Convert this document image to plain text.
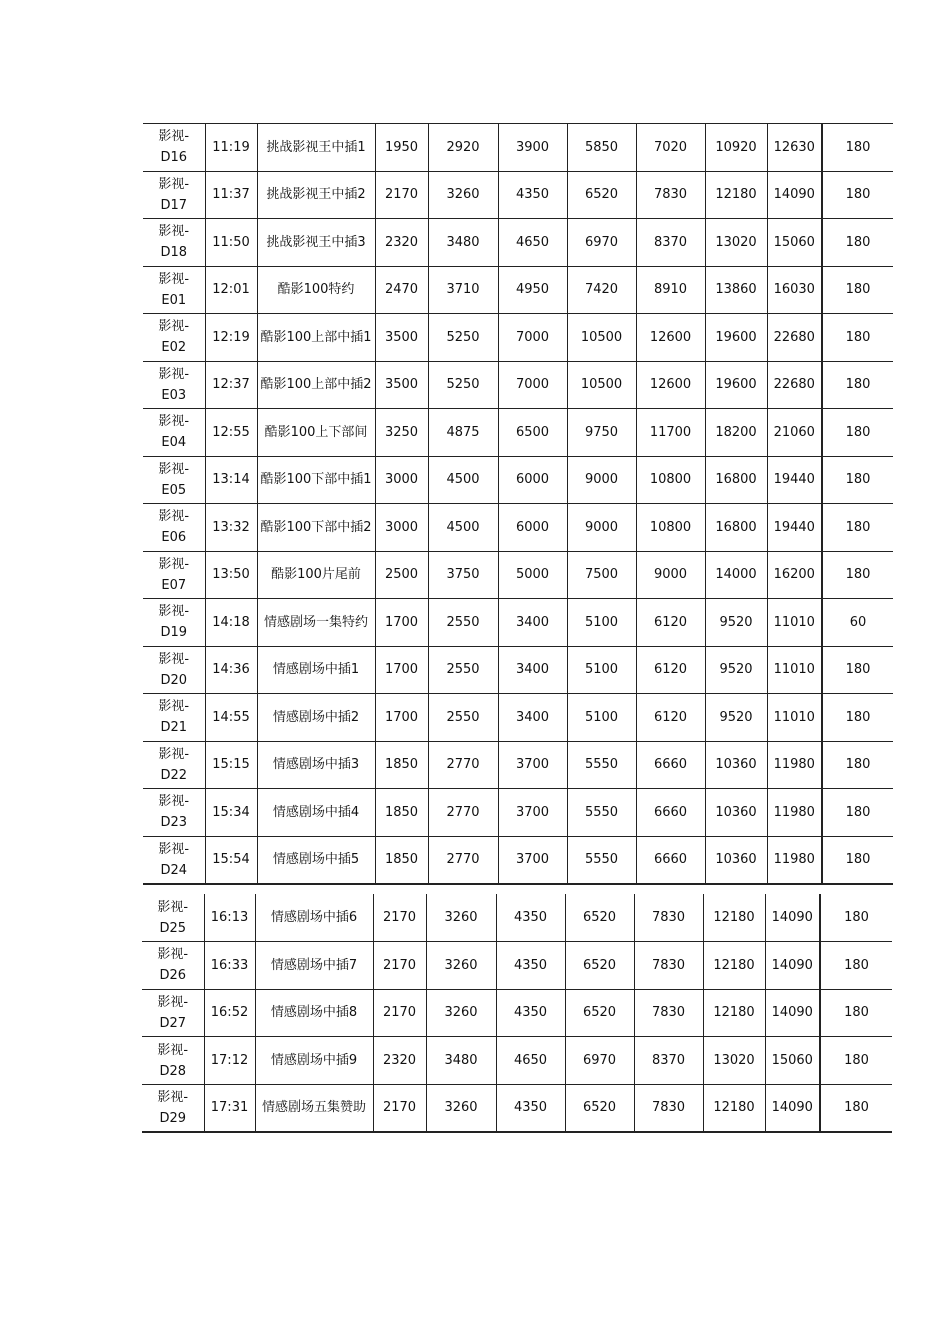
影视-
D16	11:19	挑战影视王中插1	1950	2920	3900	5850	7020	10920	12630	180

影视-
D17	11:37	挑战影视王中插2	2170	3260	4350	6520	7830	12180	14090	180

影视-
D18	11:50	挑战影视王中插3	2320	3480	4650	6970	8370	13020	15060	180

影视-
E01	12:01	酷影100特约	2470	3710	4950	7420	8910	13860	16030	180

影视-
E02	12:19	酷影100上部中插1	3500	5250	7000	10500	12600	19600	22680	180

影视-
E03	12:37	酷影100上部中插2	3500	5250	7000	10500	12600	19600	22680	180

影视-
E04	12:55	酷影100上下部间	3250	4875	6500	9750	11700	18200	21060	180

影视-
E05	13:14	酷影100下部中插1	3000	4500	6000	9000	10800	16800	19440	180

影视-
E06	13:32	酷影100下部中插2	3000	4500	6000	9000	10800	16800	19440	180

影视-
E07	13:50	酷影100片尾前	2500	3750	5000	7500	9000	14000	16200	180

影视-
D19	14:18	情感剧场一集特约	1700	2550	3400	5100	6120	9520	11010	60

影视-
D20	14:36	情感剧场中插1	1700	2550	3400	5100	6120	9520	11010	180

影视-
D21	14:55	情感剧场中插2	1700	2550	3400	5100	6120	9520	11010	180

影视-
D22	15:15	情感剧场中插3	1850	2770	3700	5550	6660	10360	11980	180

影视-
D23	15:34	情感剧场中插4	1850	2770	3700	5550	6660	10360	11980	180

影视-
D24	15:54	情感剧场中插5	1850	2770	3700	5550	6660	10360	11980	180
影视-
D25	16:13	情感剧场中插6	2170	3260	4350	6520	7830	12180	14090	180

影视-
D26	16:33	情感剧场中插7	2170	3260	4350	6520	7830	12180	14090	180

影视-
D27	16:52	情感剧场中插8	2170	3260	4350	6520	7830	12180	14090	180

影视-
D28	17:12	情感剧场中插9	2320	3480	4650	6970	8370	13020	15060	180

影视-
D29	17:31	情感剧场五集赞助	2170	3260	4350	6520	7830	12180	14090	180
